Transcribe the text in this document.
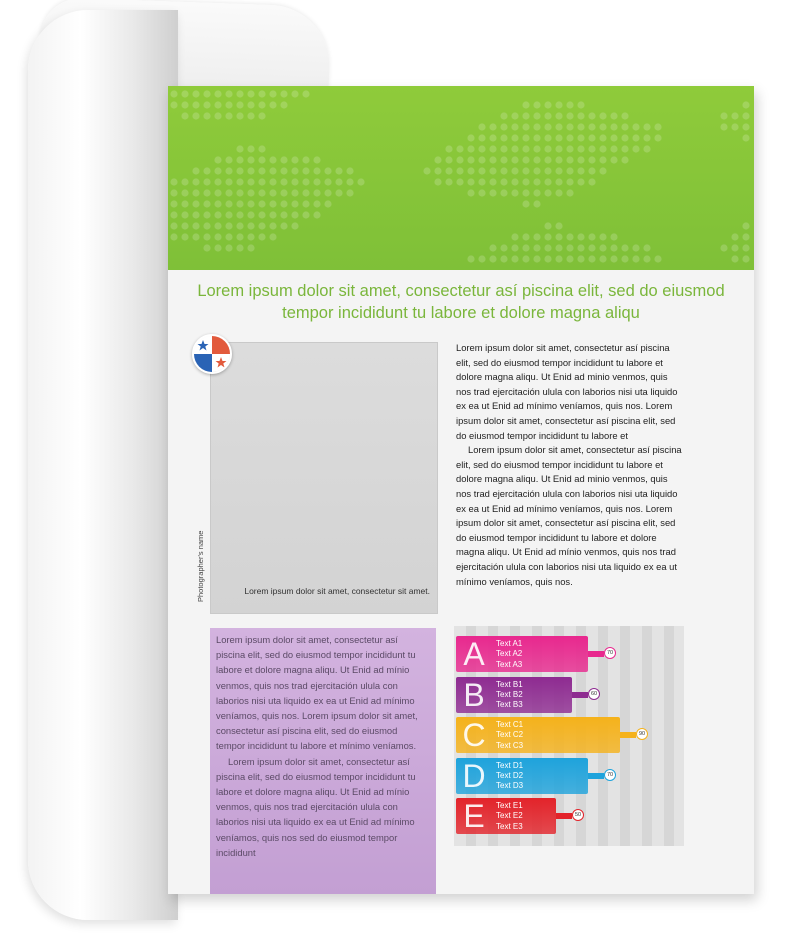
Lorem ipsum dolor sit amet, consectetur así piscina elit, sed do eiusmod tempor incididunt tu labore et dolore magna aliqu
Lorem ipsum dolor sit amet, consectetur sit amet.
Photographer's name

Lorem ipsum dolor sit amet, consectetur así piscina elit, sed do eiusmod tempor incididunt tu labore et dolore magna aliqu. Ut Enid ad minio venmos, quis nos trad ejercitación ulula con laborios nisi uta liquido ex ea ut Enid ad mínimo veníamos, quis nos. Lorem ipsum dolor sit amet, consectetur así piscina elit, sed do eiusmod tempor incididunt tu labore et

Lorem ipsum dolor sit amet, consectetur así piscina elit, sed do eiusmod tempor incididunt tu labore et dolore magna aliqu. Ut Enid ad minio venmos, quis nos trad ejercitación ulula con laborios nisi uta liquido ex ea ut Enid ad mínimo veníamos, quis nos. Lorem ipsum dolor sit amet, consectetur así piscina elit, sed do eiusmod tempor incididunt tu labore et dolore magna aliqu. Ut Enid ad mínio venmos, quis nos trad ejercitación ulula con laborios nisi uta liquido ex ea ut mínimo veníamos, quis nos.

Lorem ipsum dolor sit amet, consectetur así piscina elit, sed do eiusmod tempor incididunt tu labore et dolore magna aliqu. Ut Enid ad mínio venmos, quis nos trad ejercitación ulula con laborios nisi uta liquido ex ea ut Enid ad mínimo veníamos, quis nos. Lorem ipsum dolor sit amet, consectetur así piscina elit, sed do eiusmod tempor incididunt tu labore et mínimo veníamos.

Lorem ipsum dolor sit amet, consectetur así piscina elit, sed do eiusmod tempor incididunt tu labore et dolore magna aliqu. Ut Enid ad mínio venmos, quis nos trad ejercitación ulula con laborios nisi uta liquido ex ea ut Enid ad mínimo veníamos, quis nos sed do eiusmod tempor incididunt

A	Text A1
Text A2
Text A3
70
B	Text B1
Text B2
Text B3
60
C	Text C1
Text C2
Text C3
90
D	Text D1
Text D2
Text D3
70
E	Text E1
Text E2
Text E3
50
